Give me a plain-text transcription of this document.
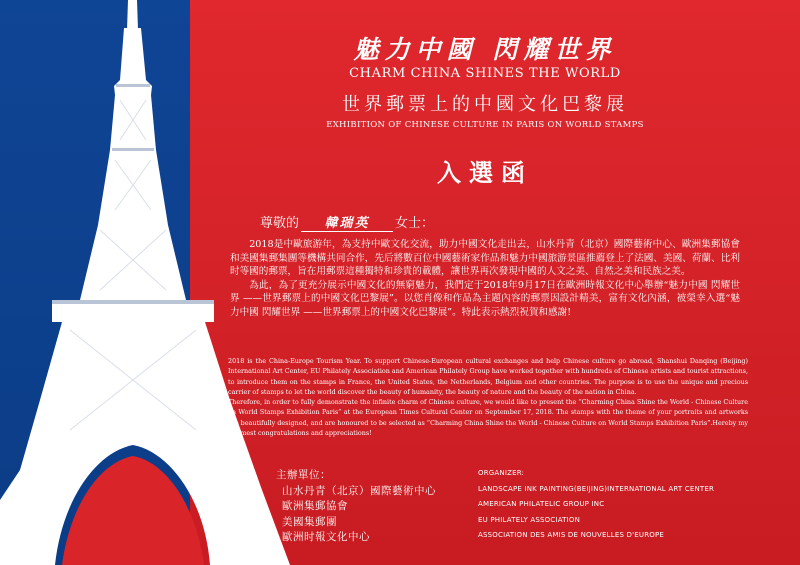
魅力中國 閃耀世界
CHARM CHINA SHINES THE WORLD
世界郵票上的中國文化巴黎展
EXHIBITION OF CHINESE CULTURE IN PARIS ON WORLD STAMPS
入選函
尊敬的 韓瑞英 女士：

2018是中歐旅游年，為支持中歐文化交流，助力中國文化走出去，山水丹青（北京）國際藝術中心、歐洲集郵協會和美國集郵集團等機構共同合作，先后將數百位中國藝術家作品和魅力中國旅游景區推薦登上了法國、美國、荷蘭、比利时等國的郵票，旨在用郵票這種獨特和珍貴的載體，讓世界再次發現中國的人文之美、自然之美和民族之美。

為此，為了更充分展示中國文化的無窮魅力，我們定于2018年9月17日在歐洲時報文化中心舉辦“魅力中國 閃耀世界 ——世界郵票上的中國文化巴黎展”。以您肖像和作品為主題內容的郵票因設計精美，富有文化內涵，被榮幸入選“魅力中國 閃耀世界 ——世界郵票上的中國文化巴黎展”。特此表示熱烈祝賀和感謝!

2018 is the China-Europe Tourism Year. To support Chinese-European cultural exchanges and help Chinese culture go abroad, Shanshui Danqing (Beijing) International Art Center, EU Philately Association and American Philately Group have worked together with hundreds of Chinese artists and tourist attractions, to introduce them on the stamps in France, the United States, the Netherlands, Belgium and other countries. The purpose is to use the unique and precious carrier of stamps to let the world discover the beauty of humanity, the beauty of nature and the beauty of the nation in China.

Therefore, in order to fully demonstrate the infinite charm of Chinese culture, we would like to present the “Charming China Shine the World - Chinese Culture on World Stamps Exhibition Paris” at the European Times Cultural Center on September 17, 2018. The stamps with the theme of your portraits and artworks are beautifully designed, and are honoured to be selected as “Charming China Shine the World - Chinese Culture on World Stamps Exhibition Paris”.Hereby my warmest congratulations and appreciations!

主辦單位：	ORGANIZER:
山水丹青（北京）國際藝術中心	LANDSCAPE INK PAINTING(BEIJING)INTERNATIONAL ART CENTER
歐洲集郵協會	AMERICAN PHILATELIC GROUP INC
美國集郵團	EU PHILATELY ASSOCIATION
歐洲时報文化中心	ASSOCIATION DES AMIS DE NOUVELLES D'EUROPE
